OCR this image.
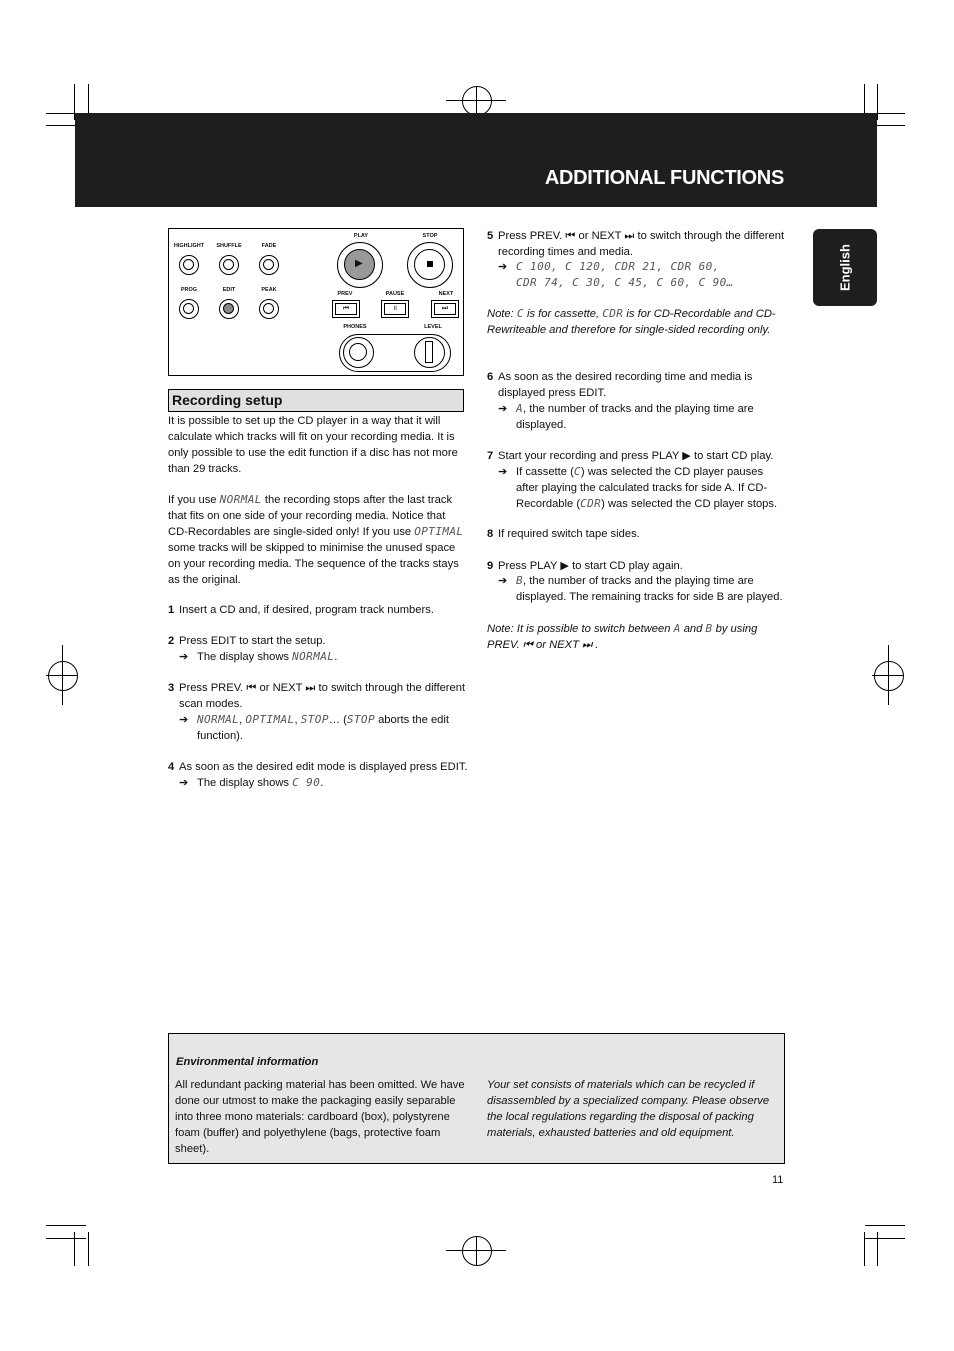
ADDITIONAL FUNCTIONS
English
HIGHLIGHT	SHUFFLE	FADE
PROG	EDIT	PEAK
PLAY	STOP
▶
PREV	PAUSE	NEXT
⏮	॥	⏭
PHONES	LEVEL
Recording setup
It is possible to set up the CD player in a way that it will calculate which tracks will fit on your recording media. It is only possible to use the edit function if a disc has not more than 29 tracks.
If you use NORMAL the recording stops after the last track that fits on one side of your recording media. Notice that CD-Recordables are single-sided only! If you use OPTIMAL some tracks will be skipped to minimise the unused space on your recording media. The sequence of the tracks stays as the original.
1 Insert a CD and, if desired, program track numbers.
2 Press EDIT to start the setup.
➔ The display shows NORMAL.
3 Press PREV. ⏮ or NEXT ⏭ to switch through the different scan modes.
➔ NORMAL, OPTIMAL, STOP… (STOP aborts the edit function).
4 As soon as the desired edit mode is displayed press EDIT.
➔ The display shows C 90.
5 Press PREV. ⏮ or NEXT ⏭ to switch through the different recording times and media.
➔ C 100, C 120, CDR 21, CDR 60,
CDR 74, C 30, C 45, C 60, C 90…
Note: C is for cassette, CDR is for CD-Recordable and CD-Rewriteable and therefore for single-sided recording only.
6 As soon as the desired recording time and media is displayed press EDIT.
➔ A, the number of tracks and the playing time are displayed.
7 Start your recording and press PLAY ▶ to start CD play.
➔ If cassette (C) was selected the CD player pauses after playing the calculated tracks for side A. If CD-Recordable (CDR) was selected the CD player stops.
8 If required switch tape sides.
9 Press PLAY ▶ to start CD play again.
➔ B, the number of tracks and the playing time are displayed. The remaining tracks for side B are played.
Note: It is possible to switch between A and B by using PREV. ⏮ or NEXT ⏭ .
Environmental information
All redundant packing material has been omitted. We have done our utmost to make the packaging easily separable into three mono materials: cardboard (box), polystyrene foam (buffer) and polyethylene (bags, protective foam sheet).
Your set consists of materials which can be recycled if disassembled by a specialized company. Please observe the local regulations regarding the disposal of packing materials, exhausted batteries and old equipment.
11
